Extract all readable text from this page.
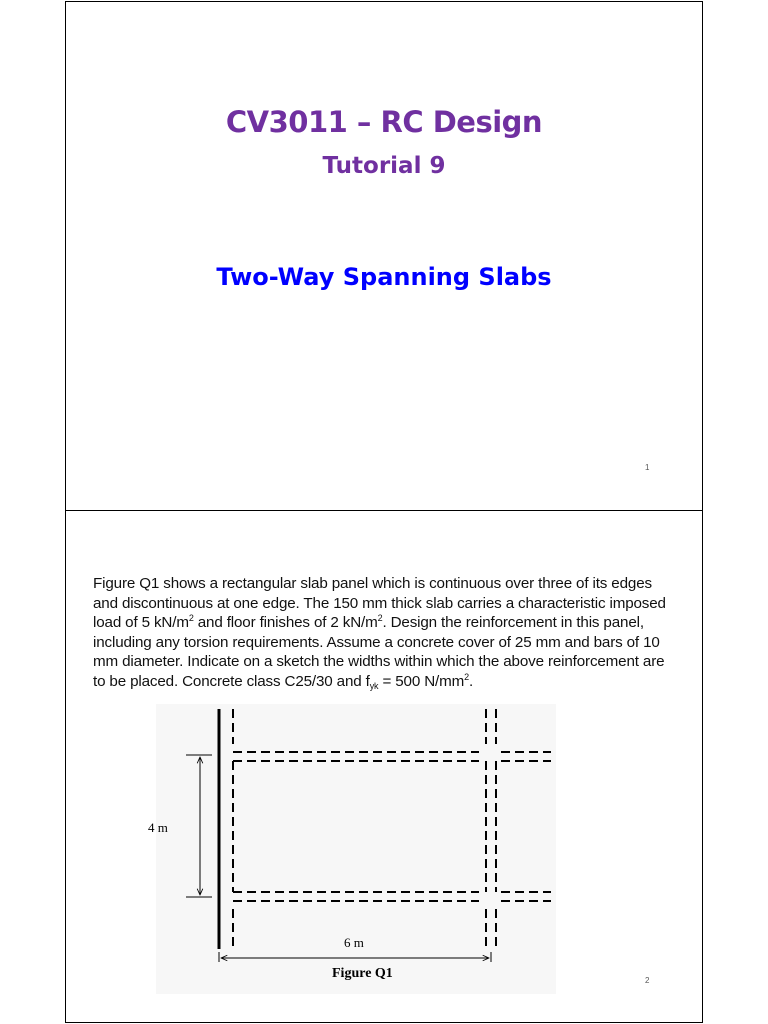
CV3011 – RC Design
Tutorial 9
Two-Way Spanning Slabs
1
Figure Q1 shows a rectangular slab panel which is continuous over three of its edges and discontinuous at one edge. The 150 mm thick slab carries a characteristic imposed load of 5 $kN/m^2$ and floor finishes of 2 $kN/m^2$. Design the reinforcement in this panel, including any torsion requirements. Assume a concrete cover of 25 mm and bars of 10 mm diameter. Indicate on a sketch the widths within which the above reinforcement are to be placed. Concrete class C25/30 and $f_{yk} = 500$ $N/mm^2$.
4 m
6 m
Figure Q1	2
